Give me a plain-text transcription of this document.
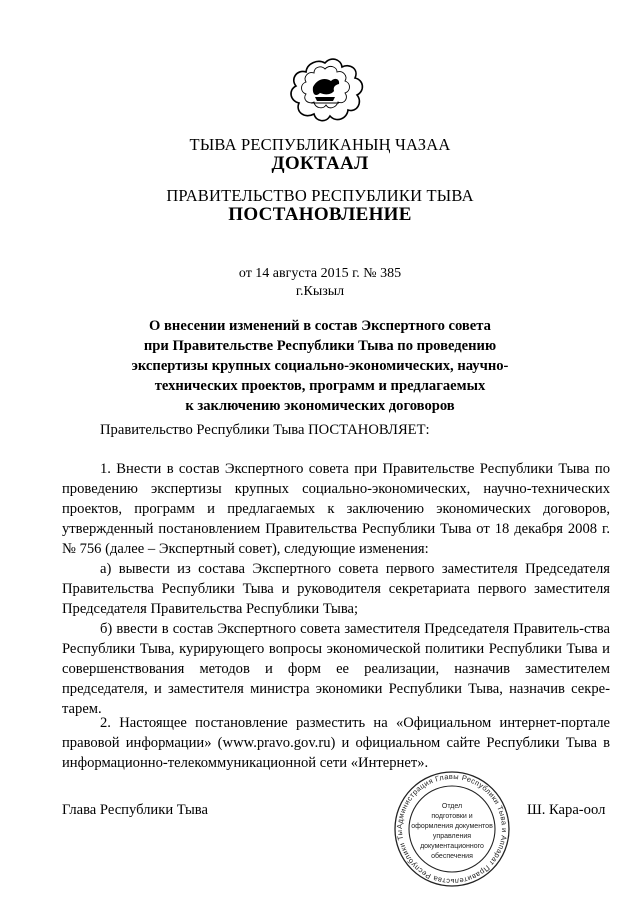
ТЫВА РЕСПУБЛИКАНЫҢ ЧАЗАА
ДОКТААЛ
ПРАВИТЕЛЬСТВО РЕСПУБЛИКИ ТЫВА
ПОСТАНОВЛЕНИЕ
от 14 августа 2015 г. № 385
г.Кызыл
О внесении изменений в состав Экспертного совета
при Правительстве Республики Тыва по проведению
экспертизы крупных социально-экономических, научно-
технических проектов, программ и предлагаемых
к заключению экономических договоров

Правительство Республики Тыва ПОСТАНОВЛЯЕТ:

1. Внести в состав Экспертного совета при Правительстве Республики Тыва по проведению экспертизы крупных социально-экономических, научно-технических проектов, программ и предлагаемых к заключению экономических договоров, утвержденный постановлением Правительства Республики Тыва от 18 декабря 2008 г. № 756 (далее – Экспертный совет), следующие изменения:

а) вывести из состава Экспертного совета первого заместителя Председателя Правительства Республики Тыва и руководителя секретариата первого заместителя Председателя Правительства Республики Тыва;

б) ввести в состав Экспертного совета заместителя Председателя Правитель-ства Республики Тыва, курирующего вопросы экономической политики Республики Тыва и совершенствования методов и форм ее реализации, назначив заместителем председателя, и заместителя министра экономики Республики Тыва, назначив секре-тарем.

2. Настоящее постановление разместить на «Официальном интернет-портале правовой информации» (www.pravo.gov.ru) и официальном сайте Республики Тыва в информационно-телекоммуникационной сети «Интернет».

Глава Республики Тыва	Ш. Кара-оол
Администрация Главы Республики Тыва и Аппарат Правительства Республики Ты
Отдел
подготовки и
оформления документов
управления
документационного
обеспечения
